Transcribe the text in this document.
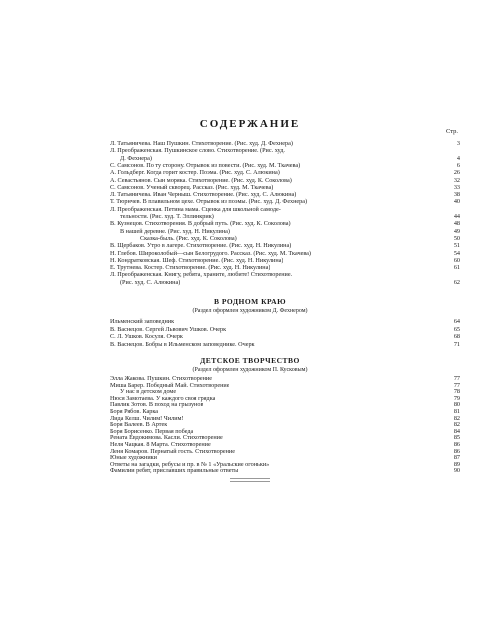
СОДЕРЖАНИЕ
Стр.
Л. Татьяничева. Наш Пушкин. Стихотворение. (Рис. худ. Д. Фехнера)	3
Л. Преображенская. Пушкинское слово. Стихотворение. (Рис. худ.
Д. Фехнера)	4
С. Самсонов. По ту сторону. Отрывок из повести. (Рис. худ. М. Ткачева)	6
А. Гольдберг. Когда горит костер. Поэма. (Рис. худ. С. Алюкина)	26
А. Севастьянов. Сын моряка. Стихотворение. (Рис. худ. К. Соколова)	32
С. Самсонов. Ученый скворец. Рассказ. (Рис. худ. М. Ткачева)	33
Л. Татьяничева. Иван Черныш. Стихотворение. (Рис. худ. С. Алюкина)	38
Т. Тюрнчев. В плавильном цехе. Отрывок из поэмы. (Рис. худ. Д. Фехнера)	40
Л. Преображенская. Петина мама. Сценка для школьной самоде-
тельности. (Рис. худ. Т. Эллинкрик)	44
В. Кузнецов. Стихотворения. В добрый путь. (Рис. худ. К. Соколова)	48
В нашей деревне. (Рис. худ. Н. Никулина)	49
Сказка-быль. (Рис. худ. К. Соколова)	50
В. Щербаков. Утро в лагере. Стихотворение. (Рис. худ. Н. Никулина)	51
Н. Глебов. Широколобый—сын Белогрудого. Рассказ. (Рис. худ. М. Ткачева)	54
Н. Кондратковская. Шеф. Стихотворение. (Рис. худ. Н. Никулина)	60
Е. Трутнева. Костер. Стихотворение. (Рис. худ. Н. Никулина)	61
Л. Преображенская. Книгу, ребята, храните, любите! Стихотворение.
(Рис. худ. С. Алюкина)	62
В РОДНОМ КРАЮ
(Раздел оформлен художником Д. Фехнером)
Ильменский заповедник	64
В. Васнецов. Сергей Львович Ушков. Очерк	65
С. Л. Ушков. Косуля. Очерк	68
В. Васнецов. Бобры в Ильменском заповеднике. Очерк	71
ДЕТСКОЕ ТВОРЧЕСТВО
(Раздел оформлен художником П. Кусковым)
Элла Жакова. Пушкин. Стихотворение	77
Миша Барер. Победный Май. Стихотворение	77
У нас в детском доме	78
Нюся Замотаева. У каждого своя грядка	79
Павлик Зотов. В поход на грызунов	80
Боря Рябов. Карка	81
Лида Келш. Чилим! Чилим!	82
Боря Валеев. В Артек	82
Боря Борисенко. Первая победа	84
Рената Евдокимова. Касли. Стихотворение	85
Неля Чацкая. 8 Марта. Стихотворение	86
Леня Комаров. Пернатый гость. Стихотворение	86
Юные художники	87
Ответы на загадки, ребусы и пр. в № 1 «Уральские огоньки»	89
Фамилии ребят, приславших правильные ответы	90
